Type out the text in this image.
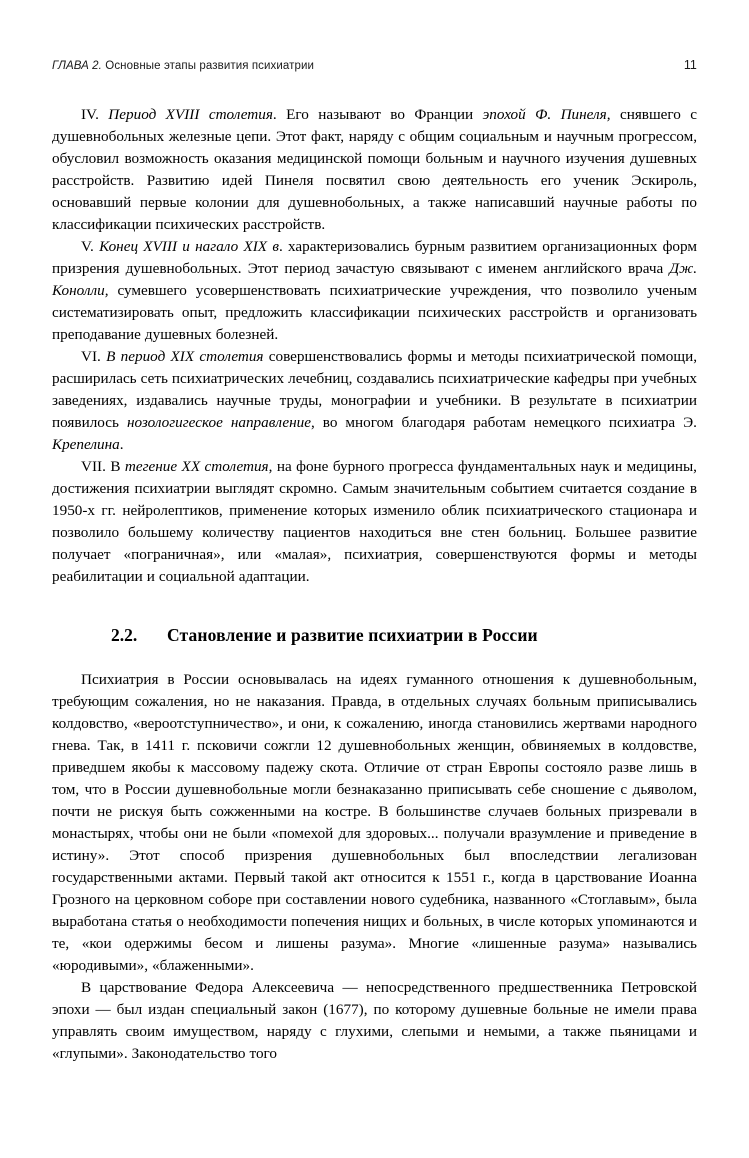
ГЛАВА 2. Основные этапы развития психиатрии	11

IV. Период XVIII столетия. Его называют во Франции эпохой Ф. Пинеля, снявшего с душевнобольных железные цепи. Этот факт, наряду с общим социальным и научным прогрессом, обусловил возможность оказания медицинской помощи больным и научного изучения душевных расстройств. Развитию идей Пинеля посвятил свою деятельность его ученик Эскироль, основавший первые колонии для душевнобольных, а также написавший научные работы по классификации психических расстройств.

V. Конец XVIII и нагало XIX в. характеризовались бурным развитием организационных форм призрения душевнобольных. Этот период зачастую связывают с именем английского врача Дж. Конолли, сумевшего усовершенствовать психиатрические учреждения, что позволило ученым систематизировать опыт, предложить классификации психических расстройств и организовать преподавание душевных болезней.

VI. В период XIX столетия совершенствовались формы и методы психиатрической помощи, расширилась сеть психиатрических лечебниц, создавались психиатрические кафедры при учебных заведениях, издавались научные труды, монографии и учебники. В результате в психиатрии появилось нозологигеское направление, во многом благодаря работам немецкого психиатра Э. Крепелина.

VII. В тегение XX столетия, на фоне бурного прогресса фундаментальных наук и медицины, достижения психиатрии выглядят скромно. Самым значительным событием считается создание в 1950-х гг. нейролептиков, применение которых изменило облик психиатрического стационара и позволило большему количеству пациентов находиться вне стен больниц. Большее развитие получает «пограничная», или «малая», психиатрия, совершенствуются формы и методы реабилитации и социальной адаптации.

2.2.	Становление и развитие психиатрии в России

Психиатрия в России основывалась на идеях гуманного отношения к душевнобольным, требующим сожаления, но не наказания. Правда, в отдельных случаях больным приписывались колдовство, «вероотступничество», и они, к сожалению, иногда становились жертвами народного гнева. Так, в 1411 г. псковичи сожгли 12 душевнобольных женщин, обвиняемых в колдовстве, приведшем якобы к массовому падежу скота. Отличие от стран Европы состояло разве лишь в том, что в России душевнобольные могли безнаказанно приписывать себе сношение с дьяволом, почти не рискуя быть сожженными на костре. В большинстве случаев больных призревали в монастырях, чтобы они не были «помехой для здоровых... получали вразумление и приведение в истину». Этот способ призрения душевнобольных был впоследствии легализован государственными актами. Первый такой акт относится к 1551 г., когда в царствование Иоанна Грозного на церковном соборе при составлении нового судебника, названного «Стоглавым», была выработана статья о необходимости попечения нищих и больных, в числе которых упоминаются и те, «кои одержимы бесом и лишены разума». Многие «лишенные разума» назывались «юродивыми», «блаженными».

В царствование Федора Алексеевича — непосредственного предшественника Петровской эпохи — был издан специальный закон (1677), по которому душевные больные не имели права управлять своим имуществом, наряду с глухими, слепыми и немыми, а также пьяницами и «глупыми». Законодательство того
